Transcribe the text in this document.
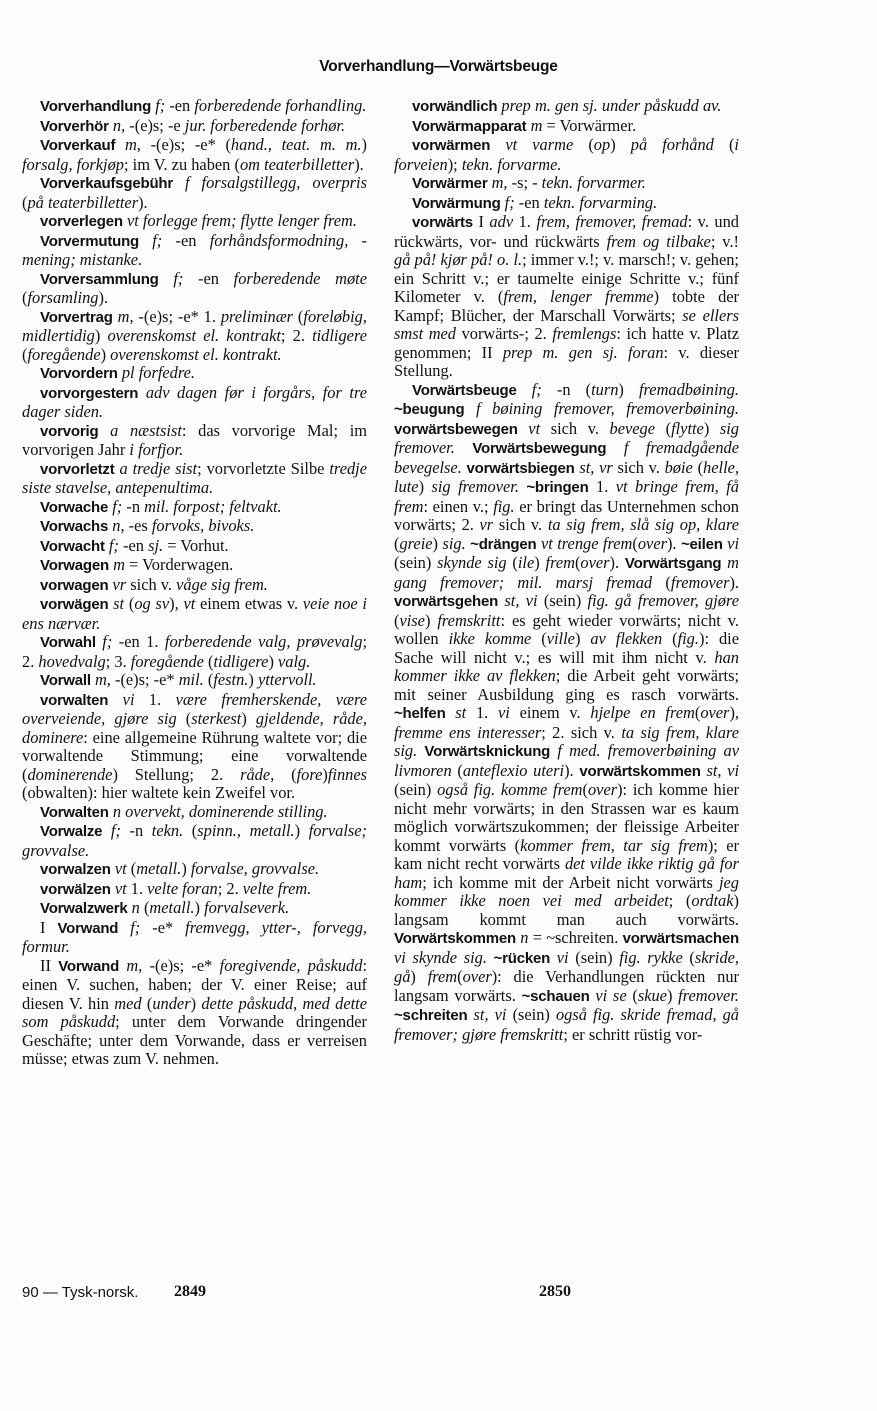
Vorverhandlung—Vorwärtsbeuge

Vorverhandlung f; -en forberedende forhandling.

Vorverhör n, -(e)s; -e jur. forberedende forhør.

Vorverkauf m, -(e)s; -e* (hand., teat. m. m.) forsalg, forkjøp; im V. zu haben (om teaterbilletter).

Vorverkaufsgebühr f forsalgstillegg, overpris (på teaterbilletter).

vorverlegen vt forlegge frem; flytte lenger frem.

Vorvermutung f; -en forhåndsformodning, -mening; mistanke.

Vorversammlung f; -en forberedende møte (forsamling).

Vorvertrag m, -(e)s; -e* 1. preliminær (foreløbig, midlertidig) overenskomst el. kontrakt; 2. tidligere (foregående) overenskomst el. kontrakt.

Vorvordern pl forfedre.

vorvorgestern adv dagen før i forgårs, for tre dager siden.

vorvorig a næstsist: das vorvorige Mal; im vorvorigen Jahr i forfjor.

vorvorletzt a tredje sist; vorvorletzte Silbe tredje siste stavelse, antepenultima.

Vorwache f; -n mil. forpost; feltvakt.

Vorwachs n, -es forvoks, bivoks.

Vorwacht f; -en sj. = Vorhut.

Vorwagen m = Vorderwagen.

vorwagen vr sich v. våge sig frem.

vorwägen st (og sv), vt einem etwas v. veie noe i ens nærvær.

Vorwahl f; -en 1. forberedende valg, prøvevalg; 2. hovedvalg; 3. foregående (tidligere) valg.

Vorwall m, -(e)s; -e* mil. (festn.) yttervoll.

vorwalten vi 1. være fremherskende, være overveiende, gjøre sig (sterkest) gjeldende, råde, dominere: eine allgemeine Rührung waltete vor; die vorwaltende Stimmung; eine vorwaltende (dominerende) Stellung; 2. råde, (fore)finnes (obwalten): hier waltete kein Zweifel vor.

Vorwalten n overvekt, dominerende stilling.

Vorwalze f; -n tekn. (spinn., metall.) forvalse; grovvalse.

vorwalzen vt (metall.) forvalse, grovvalse.

vorwälzen vt 1. velte foran; 2. velte frem.

Vorwalzwerk n (metall.) forvalseverk.

I Vorwand f; -e* fremvegg, ytter-, forvegg, formur.

II Vorwand m, -(e)s; -e* foregivende, påskudd: einen V. suchen, haben; der V. einer Reise; auf diesen V. hin med (under) dette påskudd, med dette som påskudd; unter dem Vorwande dringender Geschäfte; unter dem Vorwande, dass er verreisen müsse; etwas zum V. nehmen.

vorwändlich prep m. gen sj. under påskudd av.

Vorwärmapparat m = Vorwärmer.

vorwärmen vt varme (op) på forhånd (i forveien); tekn. forvarme.

Vorwärmer m, -s; - tekn. forvarmer.

Vorwärmung f; -en tekn. forvarming.

vorwärts I adv 1. frem, fremover, fremad: v. und rückwärts, vor- und rückwärts frem og tilbake; v.! gå på! kjør på! o. l.; immer v.!; v. marsch!; v. gehen; ein Schritt v.; er taumelte einige Schritte v.; fünf Kilometer v. (frem, lenger fremme) tobte der Kampf; Blücher, der Marschall Vorwärts; se ellers smst med vorwärts-; 2. fremlengs: ich hatte v. Platz genommen; II prep m. gen sj. foran: v. dieser Stellung.

Vorwärtsbeuge f; -n (turn) fremadbøining. ~beugung f bøining fremover, fremoverbøining. vorwärtsbewegen vt sich v. bevege (flytte) sig fremover. Vorwärtsbewegung f fremadgående bevegelse. vorwärtsbiegen st, vr sich v. bøie (helle, lute) sig fremover. ~bringen 1. vt bringe frem, få frem: einen v.; fig. er bringt das Unternehmen schon vorwärts; 2. vr sich v. ta sig frem, slå sig op, klare (greie) sig. ~drängen vt trenge frem(over). ~eilen vi (sein) skynde sig (ile) frem(over). Vorwärtsgang m gang fremover; mil. marsj fremad (fremover). vorwärtsgehen st, vi (sein) fig. gå fremover, gjøre (vise) fremskritt: es geht wieder vorwärts; nicht v. wollen ikke komme (ville) av flekken (fig.): die Sache will nicht v.; es will mit ihm nicht v. han kommer ikke av flekken; die Arbeit geht vorwärts; mit seiner Ausbildung ging es rasch vorwärts. ~helfen st 1. vi einem v. hjelpe en frem(over), fremme ens interesser; 2. sich v. ta sig frem, klare sig. Vorwärtsknickung f med. fremoverbøining av livmoren (anteflexio uteri). vorwärtskommen st, vi (sein) også fig. komme frem(over): ich komme hier nicht mehr vorwärts; in den Strassen war es kaum möglich vorwärtszukommen; der fleissige Arbeiter kommt vorwärts (kommer frem, tar sig frem); er kam nicht recht vorwärts det vilde ikke riktig gå for ham; ich komme mit der Arbeit nicht vorwärts jeg kommer ikke noen vei med arbeidet; (ordtak) langsam kommt man auch vorwärts. Vorwärtskommen n = ~schreiten. vorwärtsmachen vi skynde sig. ~rücken vi (sein) fig. rykke (skride, gå) frem(over): die Verhandlungen rückten nur langsam vorwärts. ~schauen vi se (skue) fremover. ~schreiten st, vi (sein) også fig. skride fremad, gå fremover; gjøre fremskritt; er schritt rüstig vor-

90 — Tysk-norsk. 2849	2850
